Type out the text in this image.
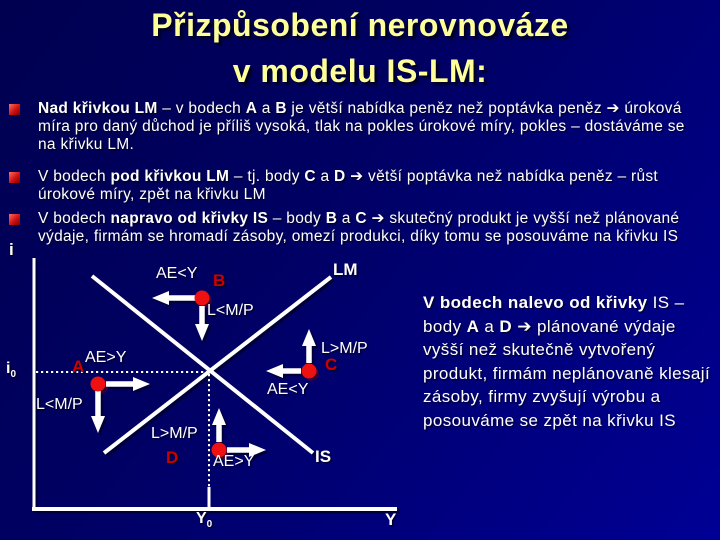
Přizpůsobení nerovnováze
v modelu IS-LM:
Nad křivkou LM – v bodech A a B je větší nabídka peněz než poptávka peněz ➔ úroková míra pro daný důchod je příliš vysoká, tlak na pokles úrokové míry, pokles – dostáváme se na křivku LM.
V bodech pod křivkou LM – tj. body C a D ➔ větší poptávka než nabídka peněz – růst úrokové míry, zpět na křivku LM
V bodech napravo od křivky IS – body B a C ➔ skutečný produkt je vyšší než plánované výdaje, firmám se hromadí zásoby, omezí produkci, díky tomu se posouváme na křivku IS
V bodech nalevo od křivky IS – body A a D ➔ plánované výdaje vyšší než skutečně vytvořený produkt, firmám neplánovaně klesají zásoby, firmy zvyšují výrobu a posouváme se zpět na křivku IS
i
$i_0$
AE>Y
A
L<M/P
AE<Y B
L<M/P
LM
L>M/P
C
AE<Y
L>M/P
D AE>Y	IS
$Y_0$	Y
